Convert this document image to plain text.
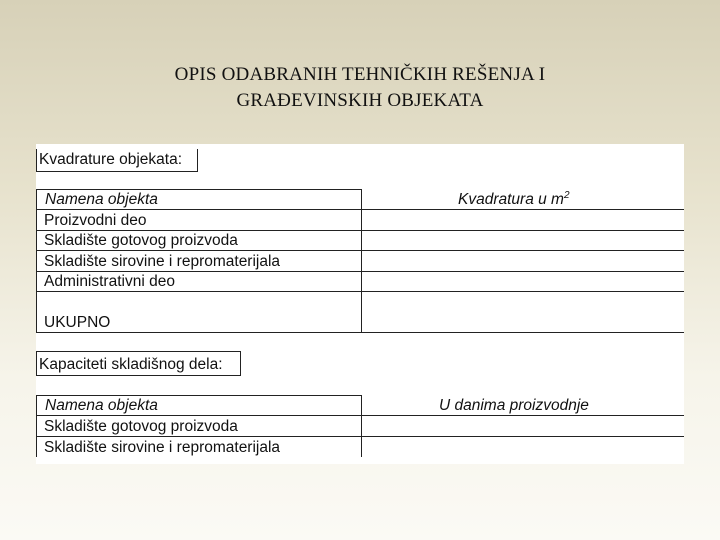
OPIS ODABRANIH TEHNIČKIH REŠENJA I
GRAĐEVINSKIH OBJEKATA
Kvadrature objekata:
Namena objekta	Kvadratura u $m^2$
Proizvodni deo
Skladište gotovog proizvoda
Skladište sirovine i repromaterijala
Administrativni deo
UKUPNO
Kapaciteti skladišnog dela:
Namena objekta	U danima proizvodnje
Skladište gotovog proizvoda
Skladište sirovine i repromaterijala
